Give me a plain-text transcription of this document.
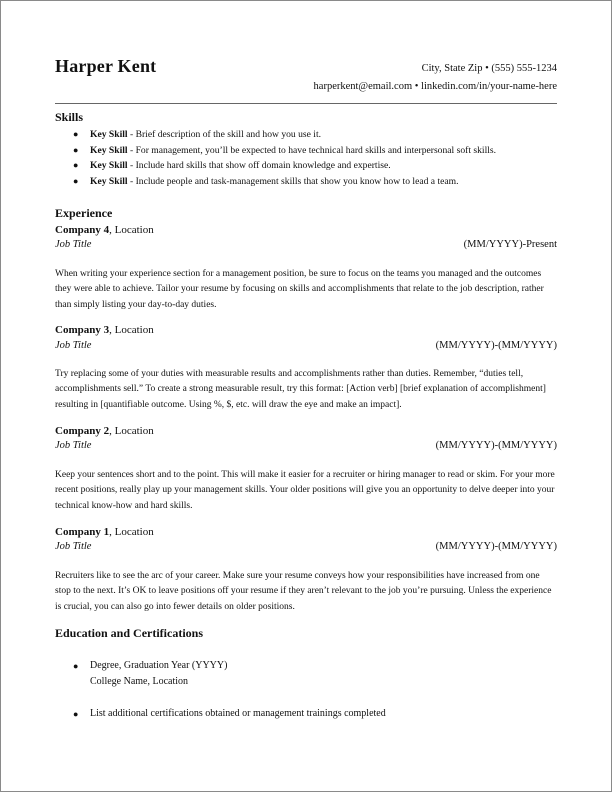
Harper Kent	City, State Zip • (555) 555-1234
harperkent@email.com • linkedin.com/in/your-name-here
Skills
● Key Skill - Brief description of the skill and how you use it.
● Key Skill - For management, you’ll be expected to have technical hard skills and interpersonal soft skills.
● Key Skill - Include hard skills that show off domain knowledge and expertise.
● Key Skill - Include people and task-management skills that show you know how to lead a team.
Experience
Company 4, Location
Job Title	(MM/YYYY)-Present
When writing your experience section for a management position, be sure to focus on the teams you managed and the outcomes they were able to achieve. Tailor your resume by focusing on skills and accomplishments that relate to the job description, rather than simply listing your day-to-day duties.
Company 3, Location
Job Title	(MM/YYYY)-(MM/YYYY)
Try replacing some of your duties with measurable results and accomplishments rather than duties. Remember, “duties tell, accomplishments sell.” To create a strong measurable result, try this format: [Action verb] [brief explanation of accomplishment] resulting in [quantifiable outcome. Using %, $, etc. will draw the eye and make an impact].
Company 2, Location
Job Title	(MM/YYYY)-(MM/YYYY)
Keep your sentences short and to the point. This will make it easier for a recruiter or hiring manager to read or skim. For your more recent positions, really play up your management skills. Your older positions will give you an opportunity to delve deeper into your technical know-how and hard skills.
Company 1, Location
Job Title	(MM/YYYY)-(MM/YYYY)
Recruiters like to see the arc of your career. Make sure your resume conveys how your responsibilities have increased from one stop to the next. It’s OK to leave positions off your resume if they aren’t relevant to the job you’re pursuing. Unless the experience is crucial, you can also go into fewer details on older positions.
Education and Certifications
● Degree, Graduation Year (YYYY)
College Name, Location
● List additional certifications obtained or management trainings completed
